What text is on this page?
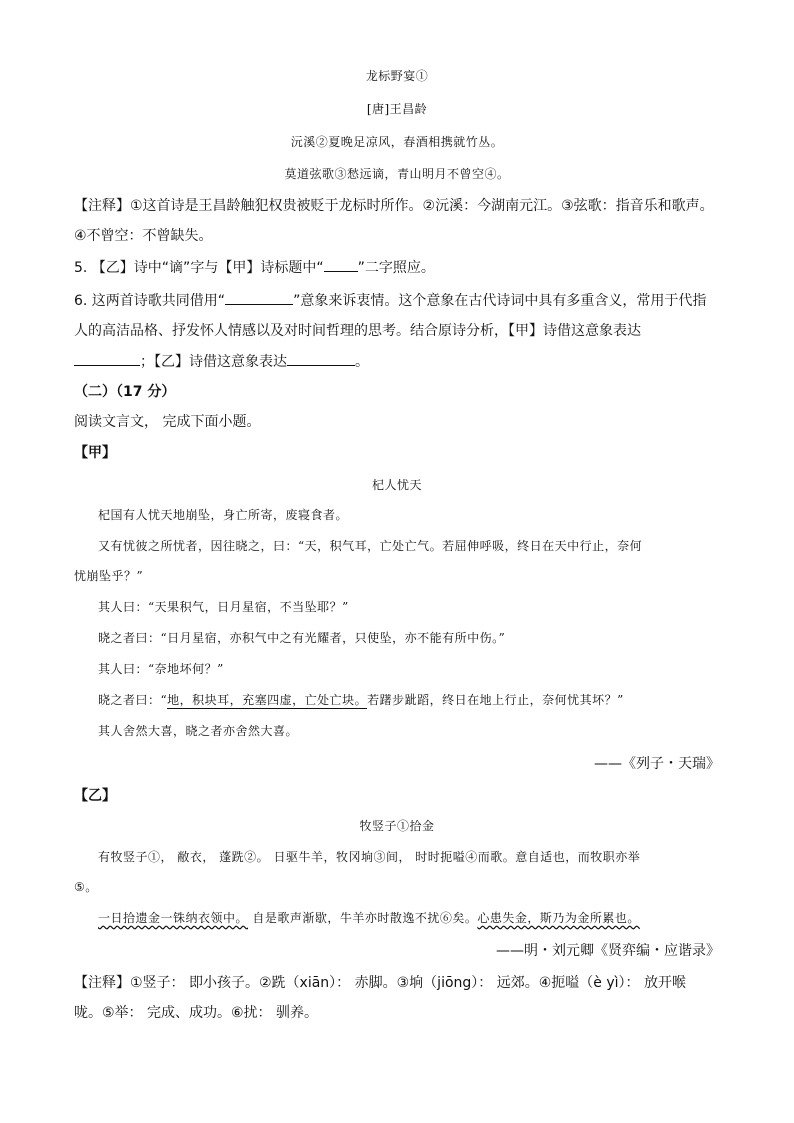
龙标野宴①
[唐]王昌龄
沅溪②夏晚足凉风，春酒相携就竹丛。
莫道弦歌③愁远谪，青山明月不曾空④。
【注释】①这首诗是王昌龄触犯权贵被贬于龙标时所作。②沅溪：今湖南元江。③弦歌：指音乐和歌声。
④不曾空：不曾缺失。
5. 【乙】诗中“谪”字与【甲】诗标题中“ ”二字照应。
6. 这两首诗歌共同借用“	”意象来诉衷情。这个意象在古代诗词中具有多重含义，常用于代指
人的高洁品格、抒发怀人情感以及对时间哲理的思考。结合原诗分析，【甲】诗借这意象表达
；【乙】诗借这意象表达	。
（二）（17 分）
阅读文言文， 完成下面小题。
【甲】
杞人忧天
杞国有人忧天地崩坠，身亡所寄，废寝食者。
又有忧彼之所忧者，因往晓之，曰：“天，积气耳，亡处亡气。若屈伸呼吸，终日在天中行止，奈何
忧崩坠乎？”
其人曰：“天果积气，日月星宿，不当坠耶？”
晓之者曰：“日月星宿，亦积气中之有光耀者，只使坠，亦不能有所中伤。”
其人曰：“奈地坏何？”
晓之者曰：“地，积块耳，充塞四虚，亡处亡块。若躇步跐蹈，终日在地上行止，奈何忧其坏？”
其人舍然大喜，晓之者亦舍然大喜。
——《列子・天瑞》
【乙】
牧竖子①拾金
有牧竖子①， 敝衣， 蓬跣②。 日驱牛羊，牧冈垧③间， 时时扼嗌④而歌。意自适也，而牧职亦举
⑤。
一日拾遗金一铢纳衣领中。 自是歌声渐歇，牛羊亦时散逸不扰⑥矣。心患失金，斯乃为金所累也。
——明・刘元卿《贤弈编・应谐录》
【注释】①竖子： 即小孩子。②跣（xiān）： 赤脚。③垧（jiōng）： 远郊。④扼嗌（è yì）： 放开喉
咙。⑤举： 完成、成功。⑥扰： 驯养。
